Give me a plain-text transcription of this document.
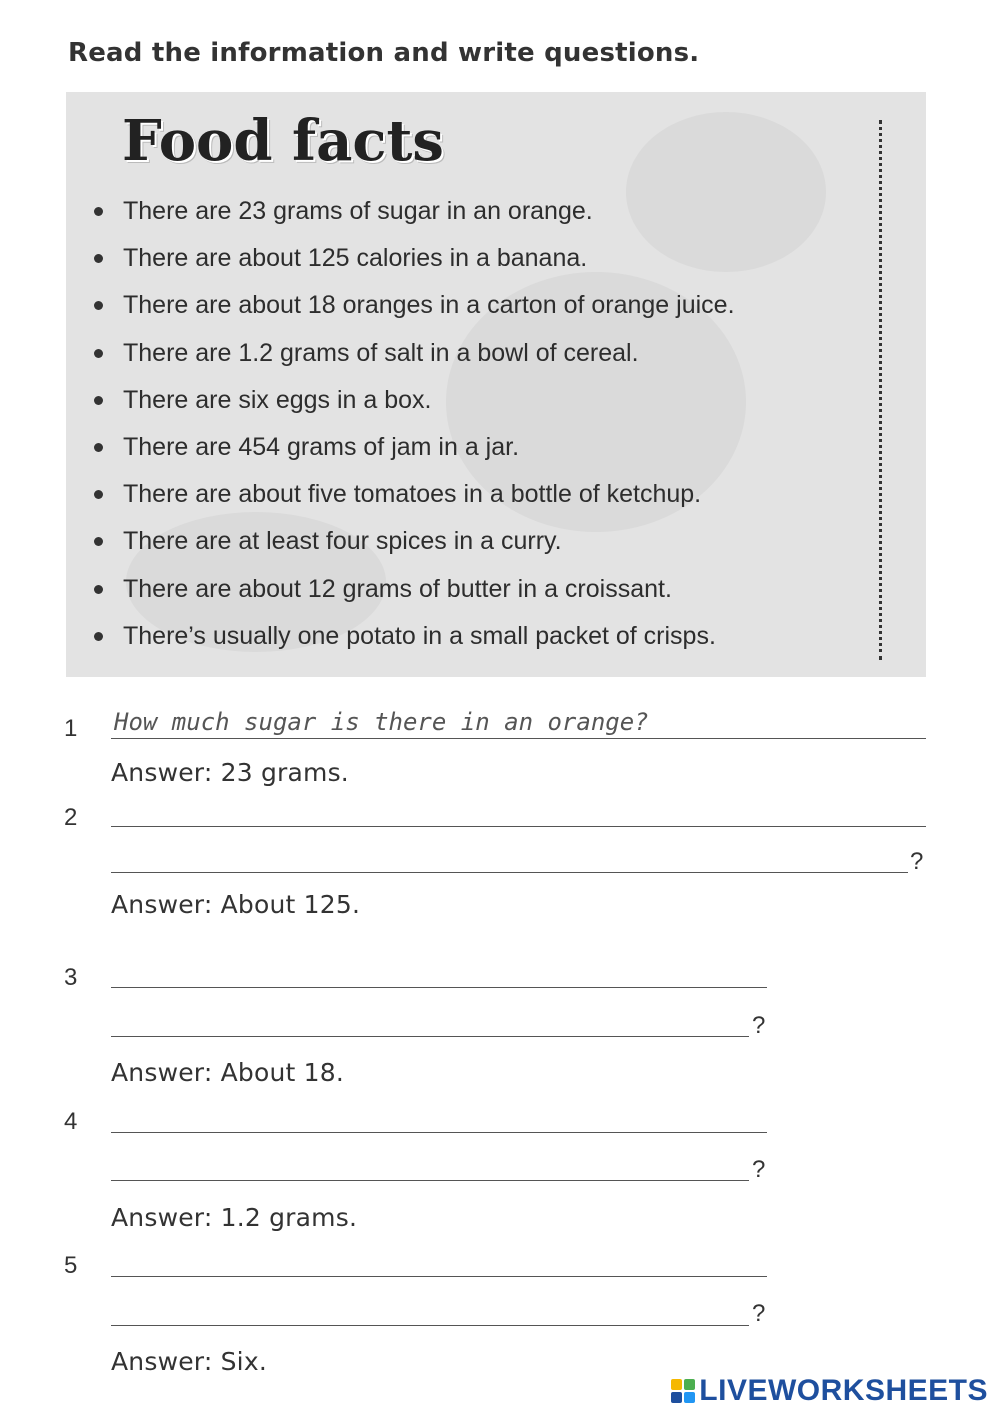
Read the information and write questions.
Food facts
There are 23 grams of sugar in an orange.
There are about 125 calories in a banana.
There are about 18 oranges in a carton of orange juice.
There are 1.2 grams of salt in a bowl of cereal.
There are six eggs in a box.
There are 454 grams of jam in a jar.
There are about five tomatoes in a bottle of ketchup.
There are at least four spices in a curry.
There are about 12 grams of butter in a croissant.
There’s usually one potato in a small packet of crisps.
1 How much sugar is there in an orange?
Answer: 23 grams.
2
?
Answer: About 125.
3
?
Answer: About 18.
4
?
Answer: 1.2 grams.
5
?
Answer: Six.
LIVEWORKSHEETS
